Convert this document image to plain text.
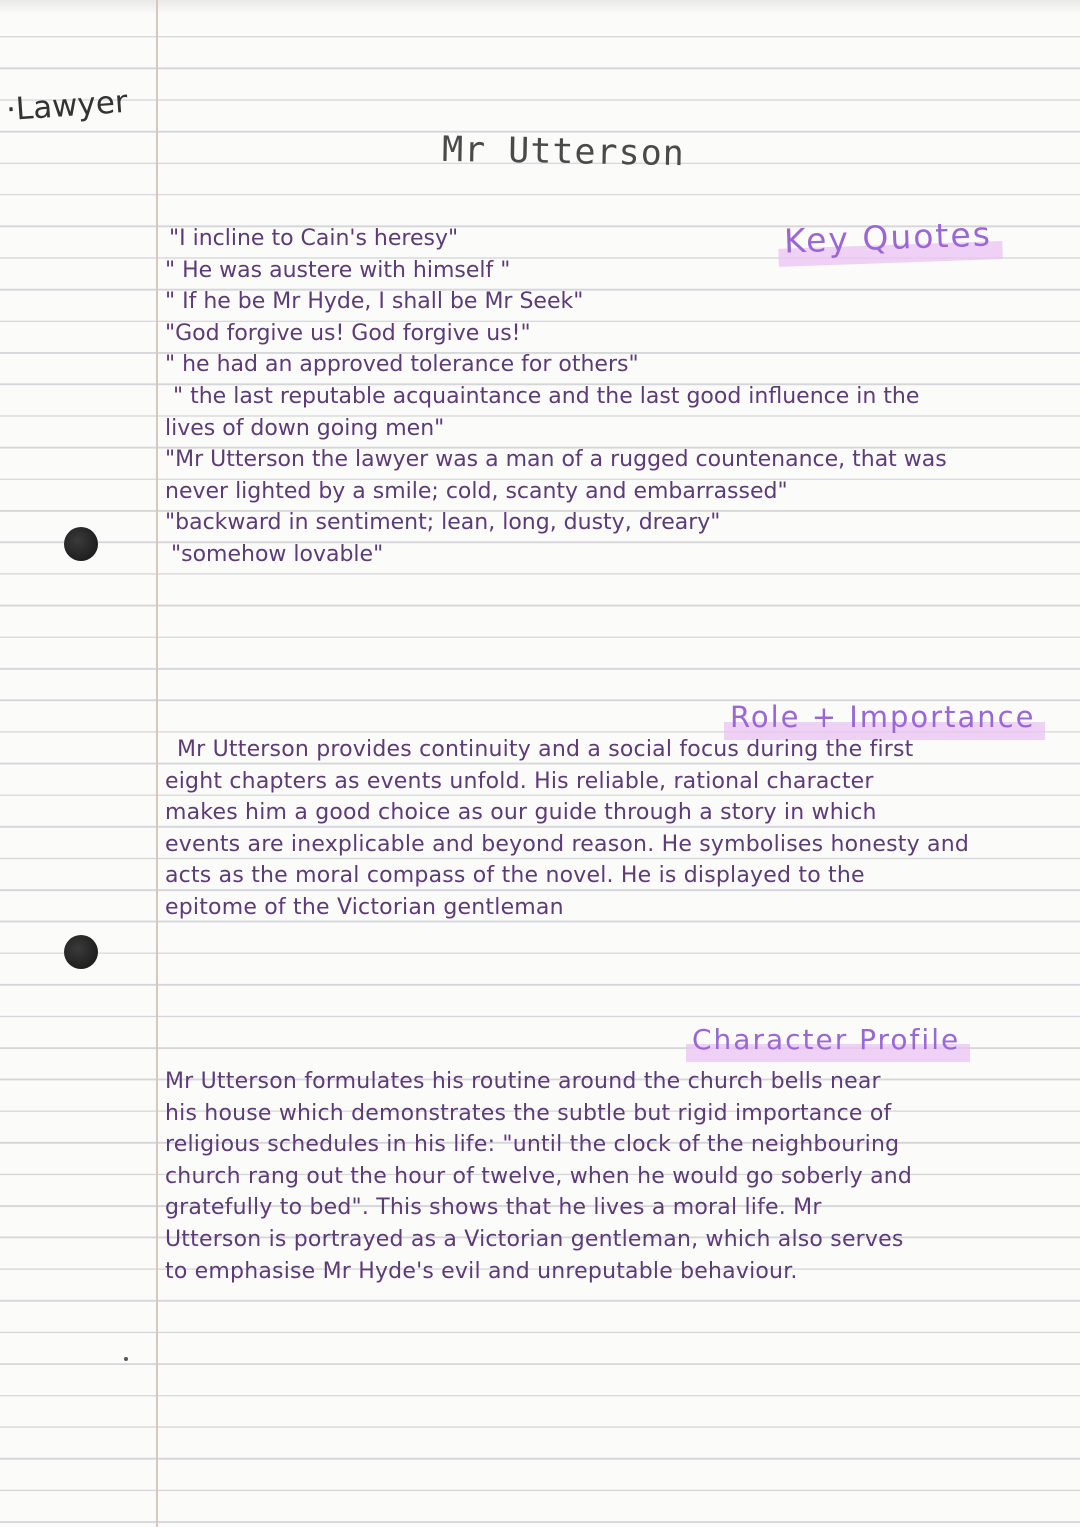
·Lawyer
Mr Utterson
Key Quotes
"I incline to Cain's heresy"
" He was austere with himself "
" If he be Mr Hyde, I shall be Mr Seek"
"God forgive us! God forgive us!"
" he had an approved tolerance for others"
" the last reputable acquaintance and the last good influence in the
lives of down going men"
"Mr Utterson the lawyer was a man of a rugged countenance, that was
never lighted by a smile; cold, scanty and embarrassed"
"backward in sentiment; lean, long, dusty, dreary"
"somehow lovable"
Role + Importance
Mr Utterson provides continuity and a social focus during the first
eight chapters as events unfold. His reliable, rational character
makes him a good choice as our guide through a story in which
events are inexplicable and beyond reason. He symbolises honesty and
acts as the moral compass of the novel. He is displayed to the
epitome of the Victorian gentleman
Character Profile
Mr Utterson formulates his routine around the church bells near
his house which demonstrates the subtle but rigid importance of
religious schedules in his life: "until the clock of the neighbouring
church rang out the hour of twelve, when he would go soberly and
gratefully to bed". This shows that he lives a moral life. Mr
Utterson is portrayed as a Victorian gentleman, which also serves
to emphasise Mr Hyde's evil and unreputable behaviour.
